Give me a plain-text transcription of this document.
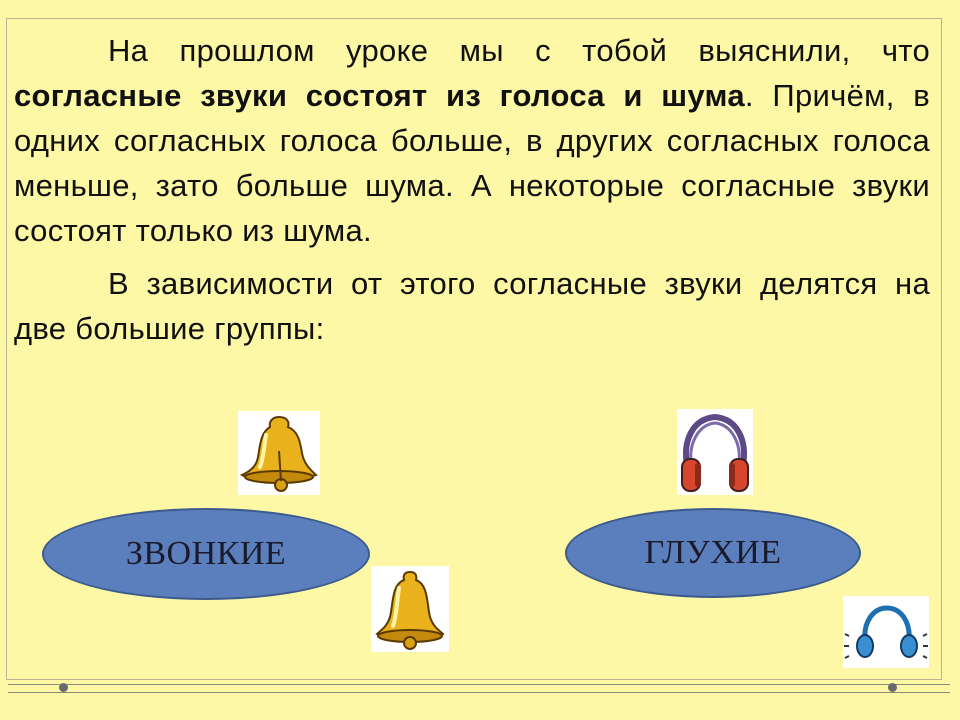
На прошлом уроке мы с тобой выяснили, что согласные звуки состоят из голоса и шума. Причём, в одних согласных голоса больше, в других согласных голоса меньше, зато больше шума. А некоторые согласные звуки состоят только из шума.

В зависимости от этого согласные звуки делятся на две большие группы:

ЗВОНКИЕ	ГЛУХИЕ
